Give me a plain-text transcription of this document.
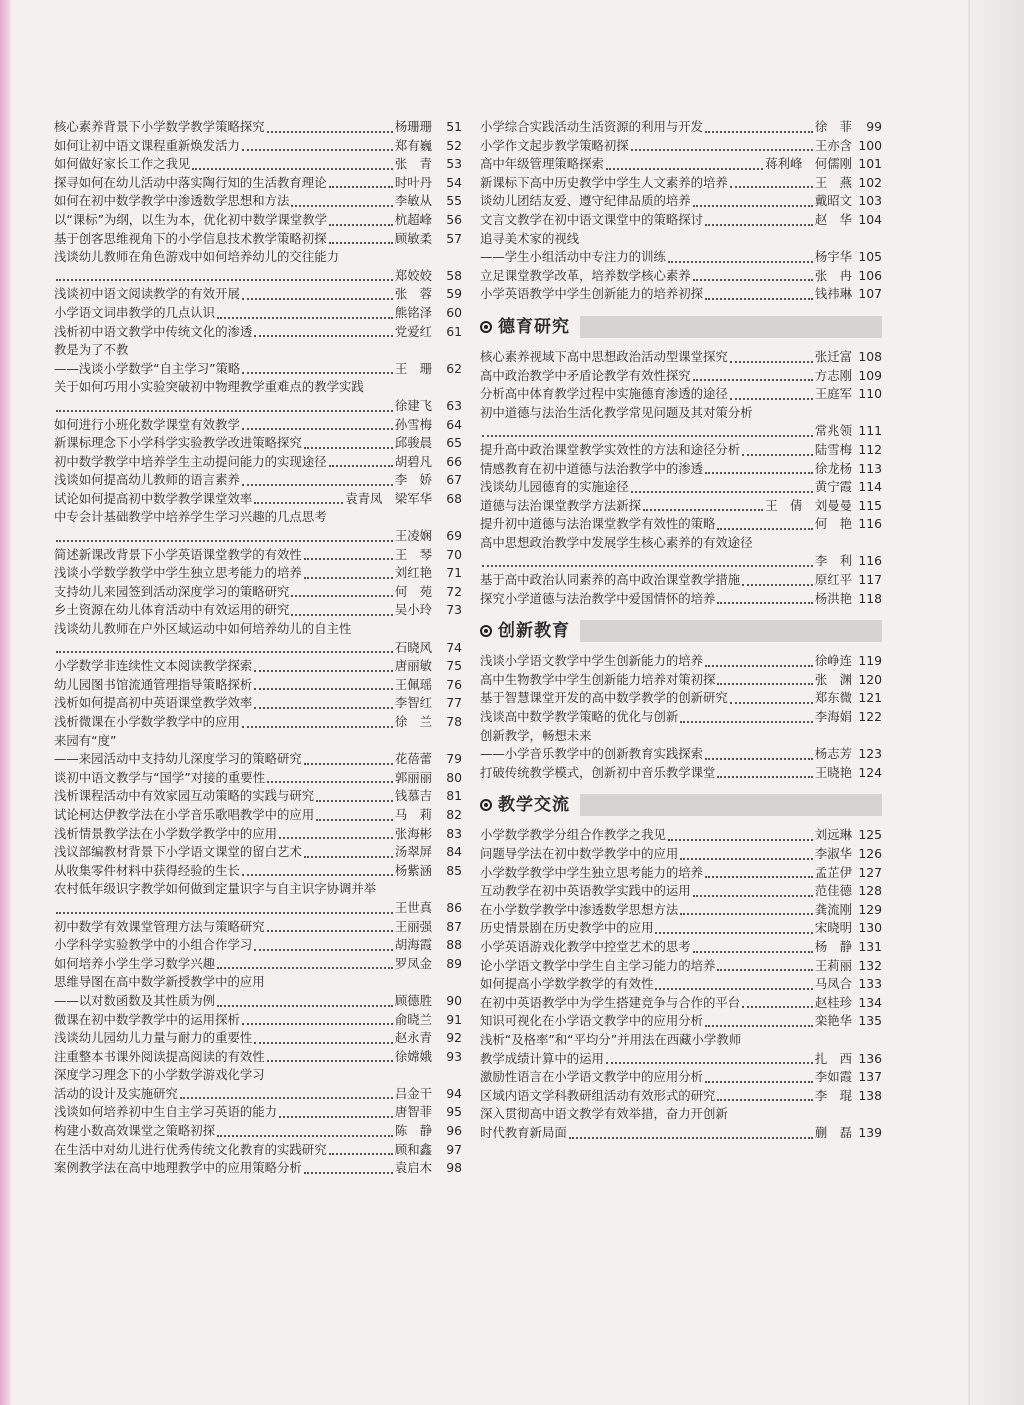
核心素养背景下小学数学教学策略探究	杨珊珊	51
如何让初中语文课程重新焕发活力	郑有巍	52
如何做好家长工作之我见	张　青	53
探寻如何在幼儿活动中落实陶行知的生活教育理论	时叶丹	54
如何在初中数学教学中渗透数学思想和方法	李敏从	55
以“课标”为纲，以生为本，优化初中数学课堂教学	杭超峰	56
基于创客思维视角下的小学信息技术教学策略初探	顾敏柔	57
浅谈幼儿教师在角色游戏中如何培养幼儿的交往能力
郑姣姣	58
浅谈初中语文阅读教学的有效开展	张　蓉	59
小学语文词串教学的几点认识	熊铭泽	60
浅析初中语文教学中传统文化的渗透	党爱红	61
教是为了不教
——浅谈小学数学“自主学习”策略	王　珊	62
关于如何巧用小实验突破初中物理教学重难点的教学实践
徐建飞	63
如何进行小班化数学课堂有效教学	孙雪梅	64
新课标理念下小学科学实验教学改进策略探究	邱骏晨	65
初中数学教学中培养学生主动提问能力的实现途径	胡碧凡	66
浅谈如何提高幼儿教师的语言素养	李　娇	67
试论如何提高初中数学教学课堂效率	袁青凤　梁军华	68
中专会计基础教学中培养学生学习兴趣的几点思考
王凌娴	69
简述新课改背景下小学英语课堂教学的有效性	王　琴	70
浅谈小学数学教学中学生独立思考能力的培养	刘红艳	71
支持幼儿来园签到活动深度学习的策略研究	何　苑	72
乡土资源在幼儿体育活动中有效运用的研究	吴小玲	73
浅谈幼儿教师在户外区域运动中如何培养幼儿的自主性
石晓风	74
小学数学非连续性文本阅读教学探索	唐丽敏	75
幼儿园图书馆流通管理指导策略探析	王佩瑶	76
浅析如何提高初中英语课堂教学效率	李智红	77
浅析微课在小学数学教学中的应用	徐　兰	78
来园有“度”
——来园活动中支持幼儿深度学习的策略研究	花蓓蕾	79
谈初中语文教学与“国学”对接的重要性	郭丽丽	80
浅析课程活动中有效家园互动策略的实践与研究	钱慕吉	81
试论柯达伊教学法在小学音乐歌唱教学中的应用	马　莉	82
浅析情景教学法在小学数学教学中的应用	张海彬	83
浅议部编教材背景下小学语文课堂的留白艺术	汤翠屏	84
从收集零件材料中获得经验的生长	杨紫涵	85
农村低年级识字教学如何做到定量识字与自主识字协调并举
王世真	86
初中数学有效课堂管理方法与策略研究	王丽强	87
小学科学实验教学中的小组合作学习	胡海霞	88
如何培养小学生学习数学兴趣	罗凤金	89
思维导图在高中数学新授教学中的应用
——以对数函数及其性质为例	顾德胜	90
微课在初中数学教学中的运用探析	俞晓兰	91
浅谈幼儿园幼儿力量与耐力的重要性	赵永青	92
注重整本书课外阅读提高阅读的有效性	徐嫦娥	93
深度学习理念下的小学数学游戏化学习
活动的设计及实施研究	吕金干	94
浅谈如何培养初中生自主学习英语的能力	唐智菲	95
构建小数高效课堂之策略初探	陈　静	96
在生活中对幼儿进行优秀传统文化教育的实践研究	顾和鑫	97
案例教学法在高中地理教学中的应用策略分析	袁启木	98
小学综合实践活动生活资源的利用与开发	徐　菲	99
小学作文起步教学策略初探	王亦含 100
高中年级管理策略探索	蒋利峰　何儒刚 101
新课标下高中历史教学中学生人文素养的培养	王　燕 102
谈幼儿团结友爱、遵守纪律品质的培养	戴昭文 103
文言文教学在初中语文课堂中的策略探讨	赵　华 104
追寻美术家的视线
——学生小组活动中专注力的训练	杨宇华 105
立足课堂教学改革，培养数学核心素养	张　冉 106
小学英语教学中学生创新能力的培养初探	钱祎琳 107
德育研究
核心素养视域下高中思想政治活动型课堂探究	张迁富 108
高中政治教学中矛盾论教学有效性探究	方志刚 109
分析高中体育教学过程中实施德育渗透的途径	王庭军 110
初中道德与法治生活化教学常见问题及其对策分析
常兆领 111
提升高中政治课堂教学实效性的方法和途径分析	陆雪梅 112
情感教育在初中道德与法治教学中的渗透	徐龙杨 113
浅谈幼儿园德育的实施途径	黄宁霞 114
道德与法治课堂教学方法新探	王　倩　刘曼曼 115
提升初中道德与法治课堂教学有效性的策略	何　艳 116
高中思想政治教学中发展学生核心素养的有效途径
李　利 116
基于高中政治认同素养的高中政治课堂教学措施	原红平 117
探究小学道德与法治教学中爱国情怀的培养	杨洪艳 118
创新教育
浅谈小学语文教学中学生创新能力的培养	徐峥连 119
高中生物教学中学生创新能力培养对策初探	张　渊 120
基于智慧课堂开发的高中数学教学的创新研究	郑东微 121
浅谈高中数学教学策略的优化与创新	李海娟 122
创新教学，畅想未来
——小学音乐教学中的创新教育实践探索	杨志芳 123
打破传统教学模式，创新初中音乐教学课堂	王晓艳 124
教学交流
小学数学教学分组合作教学之我见	刘远琳 125
问题导学法在初中数学教学中的应用	李淑华 126
小学数学教学中学生独立思考能力的培养	孟芷伊 127
互动教学在初中英语教学实践中的运用	范佳德 128
在小学数学教学中渗透数学思想方法	龚流刚 129
历史情景剧在历史教学中的应用	宋晓明 130
小学英语游戏化教学中控堂艺术的思考	杨　静 131
论小学语文教学中学生自主学习能力的培养	王莉丽 132
如何提高小学数学教学的有效性	马凤合 133
在初中英语教学中为学生搭建竞争与合作的平台	赵桂珍 134
知识可视化在小学语文教学中的应用分析	栾艳华 135
浅析“及格率”和“平均分”并用法在西藏小学教师
教学成绩计算中的运用	扎　西 136
激励性语言在小学语文教学中的应用分析	李如霞 137
区域内语文学科教研组活动有效形式的研究	李　琨 138
深入贯彻高中语文教学有效举措，奋力开创新
时代教育新局面	蒯　磊 139
